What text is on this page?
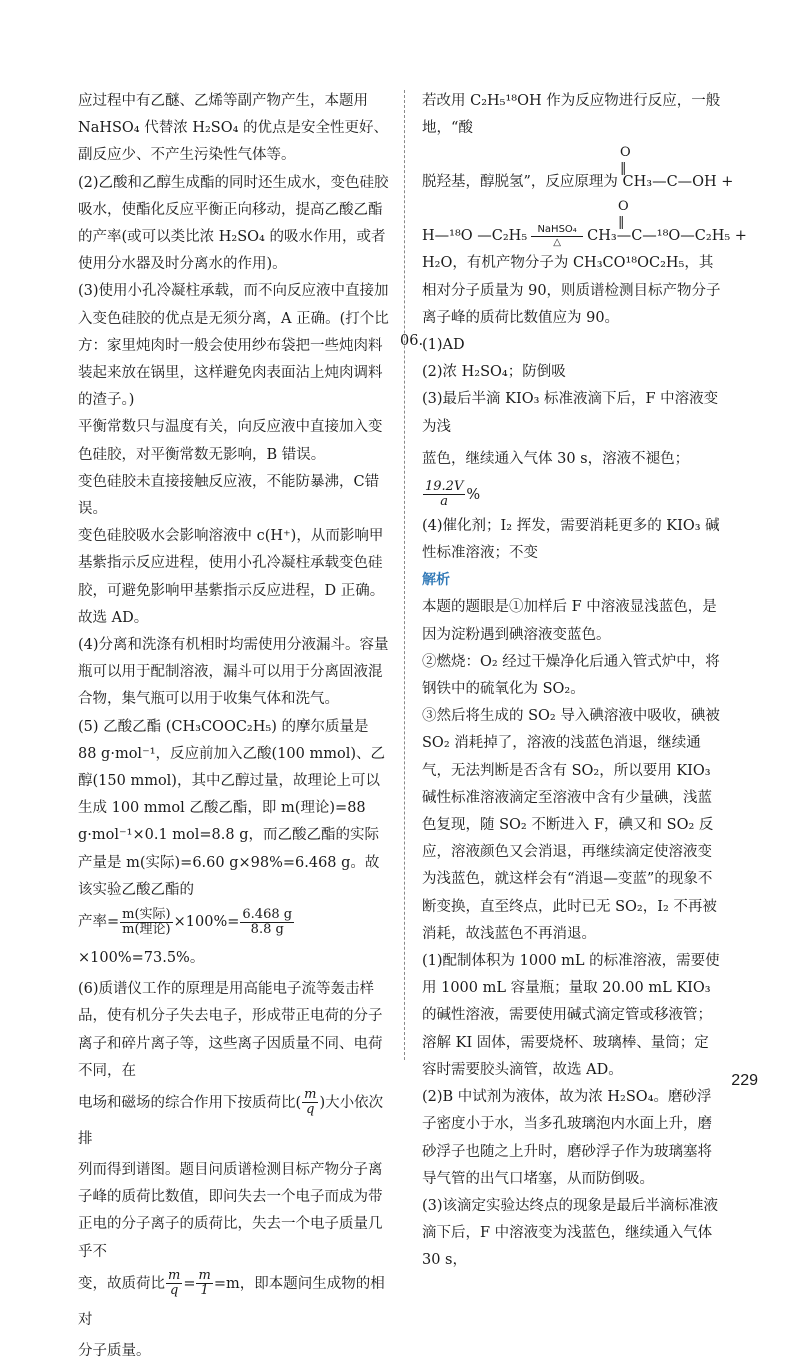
应过程中有乙醚、乙烯等副产物产生，本题用NaHSO₄ 代替浓 H₂SO₄ 的优点是安全性更好、副反应少、不产生污染性气体等。

(2)乙酸和乙醇生成酯的同时还生成水，变色硅胶吸水，使酯化反应平衡正向移动，提高乙酸乙酯的产率(或可以类比浓 H₂SO₄ 的吸水作用，或者使用分水器及时分离水的作用)。

(3)使用小孔冷凝柱承载，而不向反应液中直接加入变色硅胶的优点是无须分离，A 正确。(打个比方：家里炖肉时一般会使用纱布袋把一些炖肉料装起来放在锅里，这样避免肉表面沾上炖肉调料的渣子。)

平衡常数只与温度有关，向反应液中直接加入变色硅胶，对平衡常数无影响，B 错误。

变色硅胶未直接接触反应液，不能防暴沸，C错误。

变色硅胶吸水会影响溶液中 c(H⁺)，从而影响甲基紫指示反应进程，使用小孔冷凝柱承载变色硅胶，可避免影响甲基紫指示反应进程，D 正确。故选 AD。

(4)分离和洗涤有机相时均需使用分液漏斗。容量瓶可以用于配制溶液，漏斗可以用于分离固液混合物，集气瓶可以用于收集气体和洗气。

(5) 乙酸乙酯 (CH₃COOC₂H₅) 的摩尔质量是 88 g·mol⁻¹，反应前加入乙酸(100 mmol)、乙醇(150 mmol)，其中乙醇过量，故理论上可以生成 100 mmol 乙酸乙酯，即 m(理论)=88 g·mol⁻¹×0.1 mol=8.8 g，而乙酸乙酯的实际产量是 m(实际)=6.60 g×98%=6.468 g。故该实验乙酸乙酯的

产率= $\frac{\text{m(实际)}}{\text{m(理论)}} \times 100\%= \frac{6.468 g}{8.8 g}$
×100%=73.5%。

(6)质谱仪工作的原理是用高能电子流等轰击样品，使有机分子失去电子，形成带正电荷的分子离子和碎片离子等，这些离子因质量不同、电荷不同，在

电场和磁场的综合作用下按质荷比( $\frac{m}{q}$ )大小依次排

列而得到谱图。题目问质谱检测目标产物分子离子峰的质荷比数值，即问失去一个电子而成为带正电的分子离子的质荷比，失去一个电子质量几乎不

变，故质荷比 $\frac{m}{q} = \frac{m}{1} =m$，即本题问生成物的相对

分子质量。

若改用 C₂H₅¹⁸OH 作为反应物进行反应，一般地，“酸

O
‖
脱羟基，醇脱氢”，反应原理为 CH₃—C—OH +
O
‖
H—¹⁸O —C₂H₅	NaHSO₄
△	CH₃—C—¹⁸O—C₂H₅ +

H₂O，有机产物分子为 CH₃CO¹⁸OC₂H₅，其相对分子质量为 90，则质谱检测目标产物分子离子峰的质荷比数值应为 90。

(1)AD

(2)浓 H₂SO₄；防倒吸

(3)最后半滴 KIO₃ 标准液滴下后，F 中溶液变为浅

蓝色，继续通入气体 30 s，溶液不褪色；
$\frac{19.2V}{a}$ %

(4)催化剂；I₂ 挥发，需要消耗更多的 KIO₃ 碱性标准溶液；不变

解析

本题的题眼是①加样后 F 中溶液显浅蓝色，是因为淀粉遇到碘溶液变蓝色。

②燃烧：O₂ 经过干燥净化后通入管式炉中，将钢铁中的硫氧化为 SO₂。

③然后将生成的 SO₂ 导入碘溶液中吸收，碘被 SO₂ 消耗掉了，溶液的浅蓝色消退，继续通气，无法判断是否含有 SO₂，所以要用 KIO₃ 碱性标准溶液滴定至溶液中含有少量碘，浅蓝色复现，随 SO₂ 不断进入 F，碘又和 SO₂ 反应，溶液颜色又会消退，再继续滴定使溶液变为浅蓝色，就这样会有“消退—变蓝”的现象不断变换，直至终点，此时已无 SO₂，I₂ 不再被消耗，故浅蓝色不再消退。

(1)配制体积为 1000 mL 的标准溶液，需要使用 1000 mL 容量瓶；量取 20.00 mL KIO₃ 的碱性溶液，需要使用碱式滴定管或移液管；溶解 KI 固体，需要烧杯、玻璃棒、量筒；定容时需要胶头滴管，故选 AD。

(2)B 中试剂为液体，故为浓 H₂SO₄。磨砂浮子密度小于水，当多孔玻璃泡内水面上升，磨砂浮子也随之上升时，磨砂浮子作为玻璃塞将导气管的出气口堵塞，从而防倒吸。

(3)该滴定实验达终点的现象是最后半滴标准液滴下后，F 中溶液变为浅蓝色，继续通入气体 30 s，

06.
229
